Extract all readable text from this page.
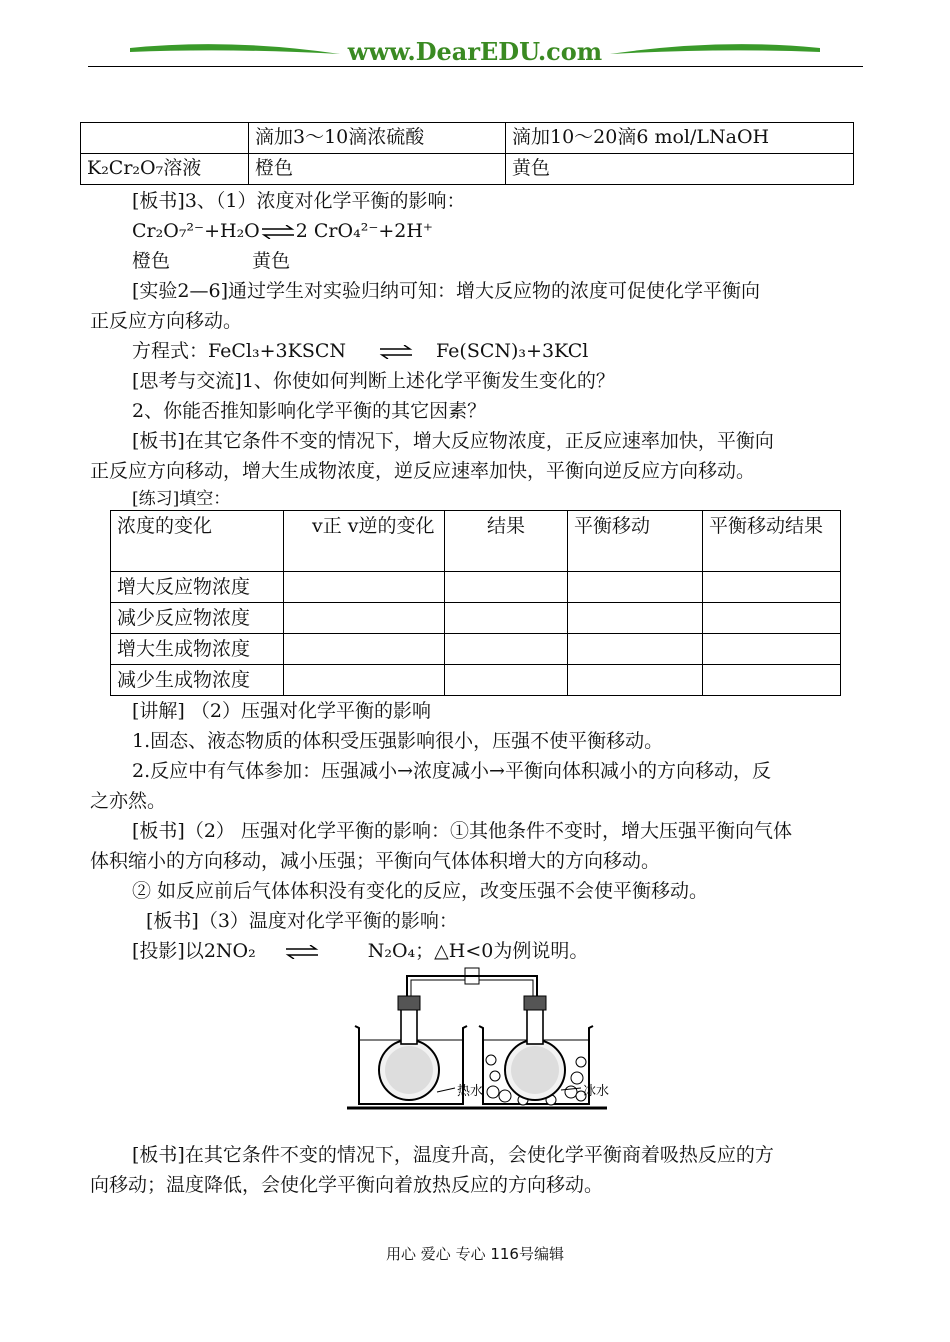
www.DearEDU.com
	滴加3～10滴浓硫酸	滴加10～20滴6 mol/LNaOH
K₂Cr₂O₇溶液	橙色	黄色
[板书]3、（1）浓度对化学平衡的影响：
Cr₂O₇²⁻+H₂O⇌2 CrO₄²⁻+2H⁺
橙色	黄色
[实验2—6]通过学生对实验归纳可知：增大反应物的浓度可促使化学平衡向
正反应方向移动。
方程式：FeCl₃+3KSCN ⇌ Fe(SCN)₃+3KCl
[思考与交流]1、你使如何判断上述化学平衡发生变化的？
2、你能否推知影响化学平衡的其它因素？
[板书]在其它条件不变的情况下，增大反应物浓度，正反应速率加快，平衡向
正反应方向移动，增大生成物浓度，逆反应速率加快，平衡向逆反应方向移动。
[练习]填空：
浓度的变化	v正 v逆的变化	结果	平衡移动	平衡移动结果
增大反应物浓度				
减少反应物浓度				
增大生成物浓度				
减少生成物浓度				
[讲解] （2）压强对化学平衡的影响
1.固态、液态物质的体积受压强影响很小，压强不使平衡移动。
2.反应中有气体参加：压强减小→浓度减小→平衡向体积减小的方向移动，反
之亦然。
[板书]（2） 压强对化学平衡的影响：①其他条件不变时，增大压强平衡向气体
体积缩小的方向移动，减小压强；平衡向气体体积增大的方向移动。
② 如反应前后气体体积没有变化的反应，改变压强不会使平衡移动。
[板书]（3）温度对化学平衡的影响：
[投影]以2NO₂ ⇌	N₂O₄；△H<0为例说明。
热水	冰水
[板书]在其它条件不变的情况下，温度升高，会使化学平衡商着吸热反应的方
向移动；温度降低，会使化学平衡向着放热反应的方向移动。
用心 爱心 专心 116号编辑
